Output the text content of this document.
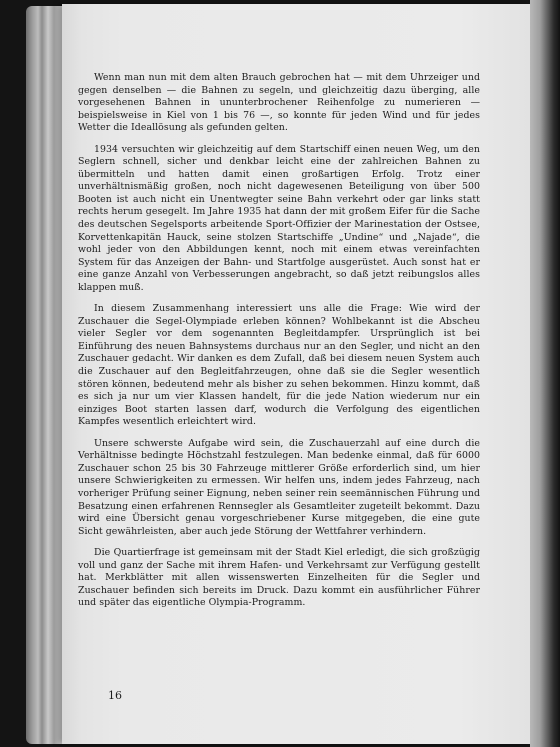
Wenn man nun mit dem alten Brauch gebrochen hat — mit dem Uhrzeiger und gegen denselben — die Bahnen zu segeln, und gleichzeitig dazu überging, alle vorgesehenen Bahnen in ununterbrochener Reihenfolge zu numerieren — beispielsweise in Kiel von 1 bis 76 —, so konnte für jeden Wind und für jedes Wetter die Ideallösung als gefunden gelten.

1934 versuchten wir gleichzeitig auf dem Startschiff einen neuen Weg, um den Seglern schnell, sicher und denkbar leicht eine der zahlreichen Bahnen zu übermitteln und hatten damit einen großartigen Erfolg. Trotz einer unverhältnismäßig großen, noch nicht dagewesenen Beteiligung von über 500 Booten ist auch nicht ein Unentwegter seine Bahn verkehrt oder gar links statt rechts herum gesegelt. Im Jahre 1935 hat dann der mit großem Eifer für die Sache des deutschen Segelsports arbeitende Sport-Offizier der Marinestation der Ostsee, Korvettenkapitän Hauck, seine stolzen Startschiffe „Undine“ und „Najade“, die wohl jeder von den Abbildungen kennt, noch mit einem etwas vereinfachten System für das Anzeigen der Bahn- und Startfolge ausgerüstet. Auch sonst hat er eine ganze Anzahl von Verbesserungen angebracht, so daß jetzt reibungslos alles klappen muß.

In diesem Zusammenhang interessiert uns alle die Frage: Wie wird der Zuschauer die Segel-Olympiade erleben können? Wohlbekannt ist die Abscheu vieler Segler vor dem sogenannten Begleitdampfer. Ursprünglich ist bei Einführung des neuen Bahnsystems durchaus nur an den Segler, und nicht an den Zuschauer gedacht. Wir danken es dem Zufall, daß bei diesem neuen System auch die Zuschauer auf den Begleitfahrzeugen, ohne daß sie die Segler wesentlich stören können, bedeutend mehr als bisher zu sehen bekommen. Hinzu kommt, daß es sich ja nur um vier Klassen handelt, für die jede Nation wiederum nur ein einziges Boot starten lassen darf, wodurch die Verfolgung des eigentlichen Kampfes wesentlich erleichtert wird.

Unsere schwerste Aufgabe wird sein, die Zuschauerzahl auf eine durch die Verhältnisse bedingte Höchstzahl festzulegen. Man bedenke einmal, daß für 6000 Zuschauer schon 25 bis 30 Fahrzeuge mittlerer Größe erforderlich sind, um hier unsere Schwierigkeiten zu ermessen. Wir helfen uns, indem jedes Fahrzeug, nach vorheriger Prüfung seiner Eignung, neben seiner rein seemännischen Führung und Besatzung einen erfahrenen Rennsegler als Gesamtleiter zugeteilt bekommt. Dazu wird eine Übersicht genau vorgeschriebener Kurse mitgegeben, die eine gute Sicht gewährleisten, aber auch jede Störung der Wettfahrer verhindern.

Die Quartierfrage ist gemeinsam mit der Stadt Kiel erledigt, die sich großzügig voll und ganz der Sache mit ihrem Hafen- und Verkehrsamt zur Verfügung gestellt hat. Merkblätter mit allen wissenswerten Einzelheiten für die Segler und Zuschauer befinden sich bereits im Druck. Dazu kommt ein ausführlicher Führer und später das eigentliche Olympia-Programm.

16
